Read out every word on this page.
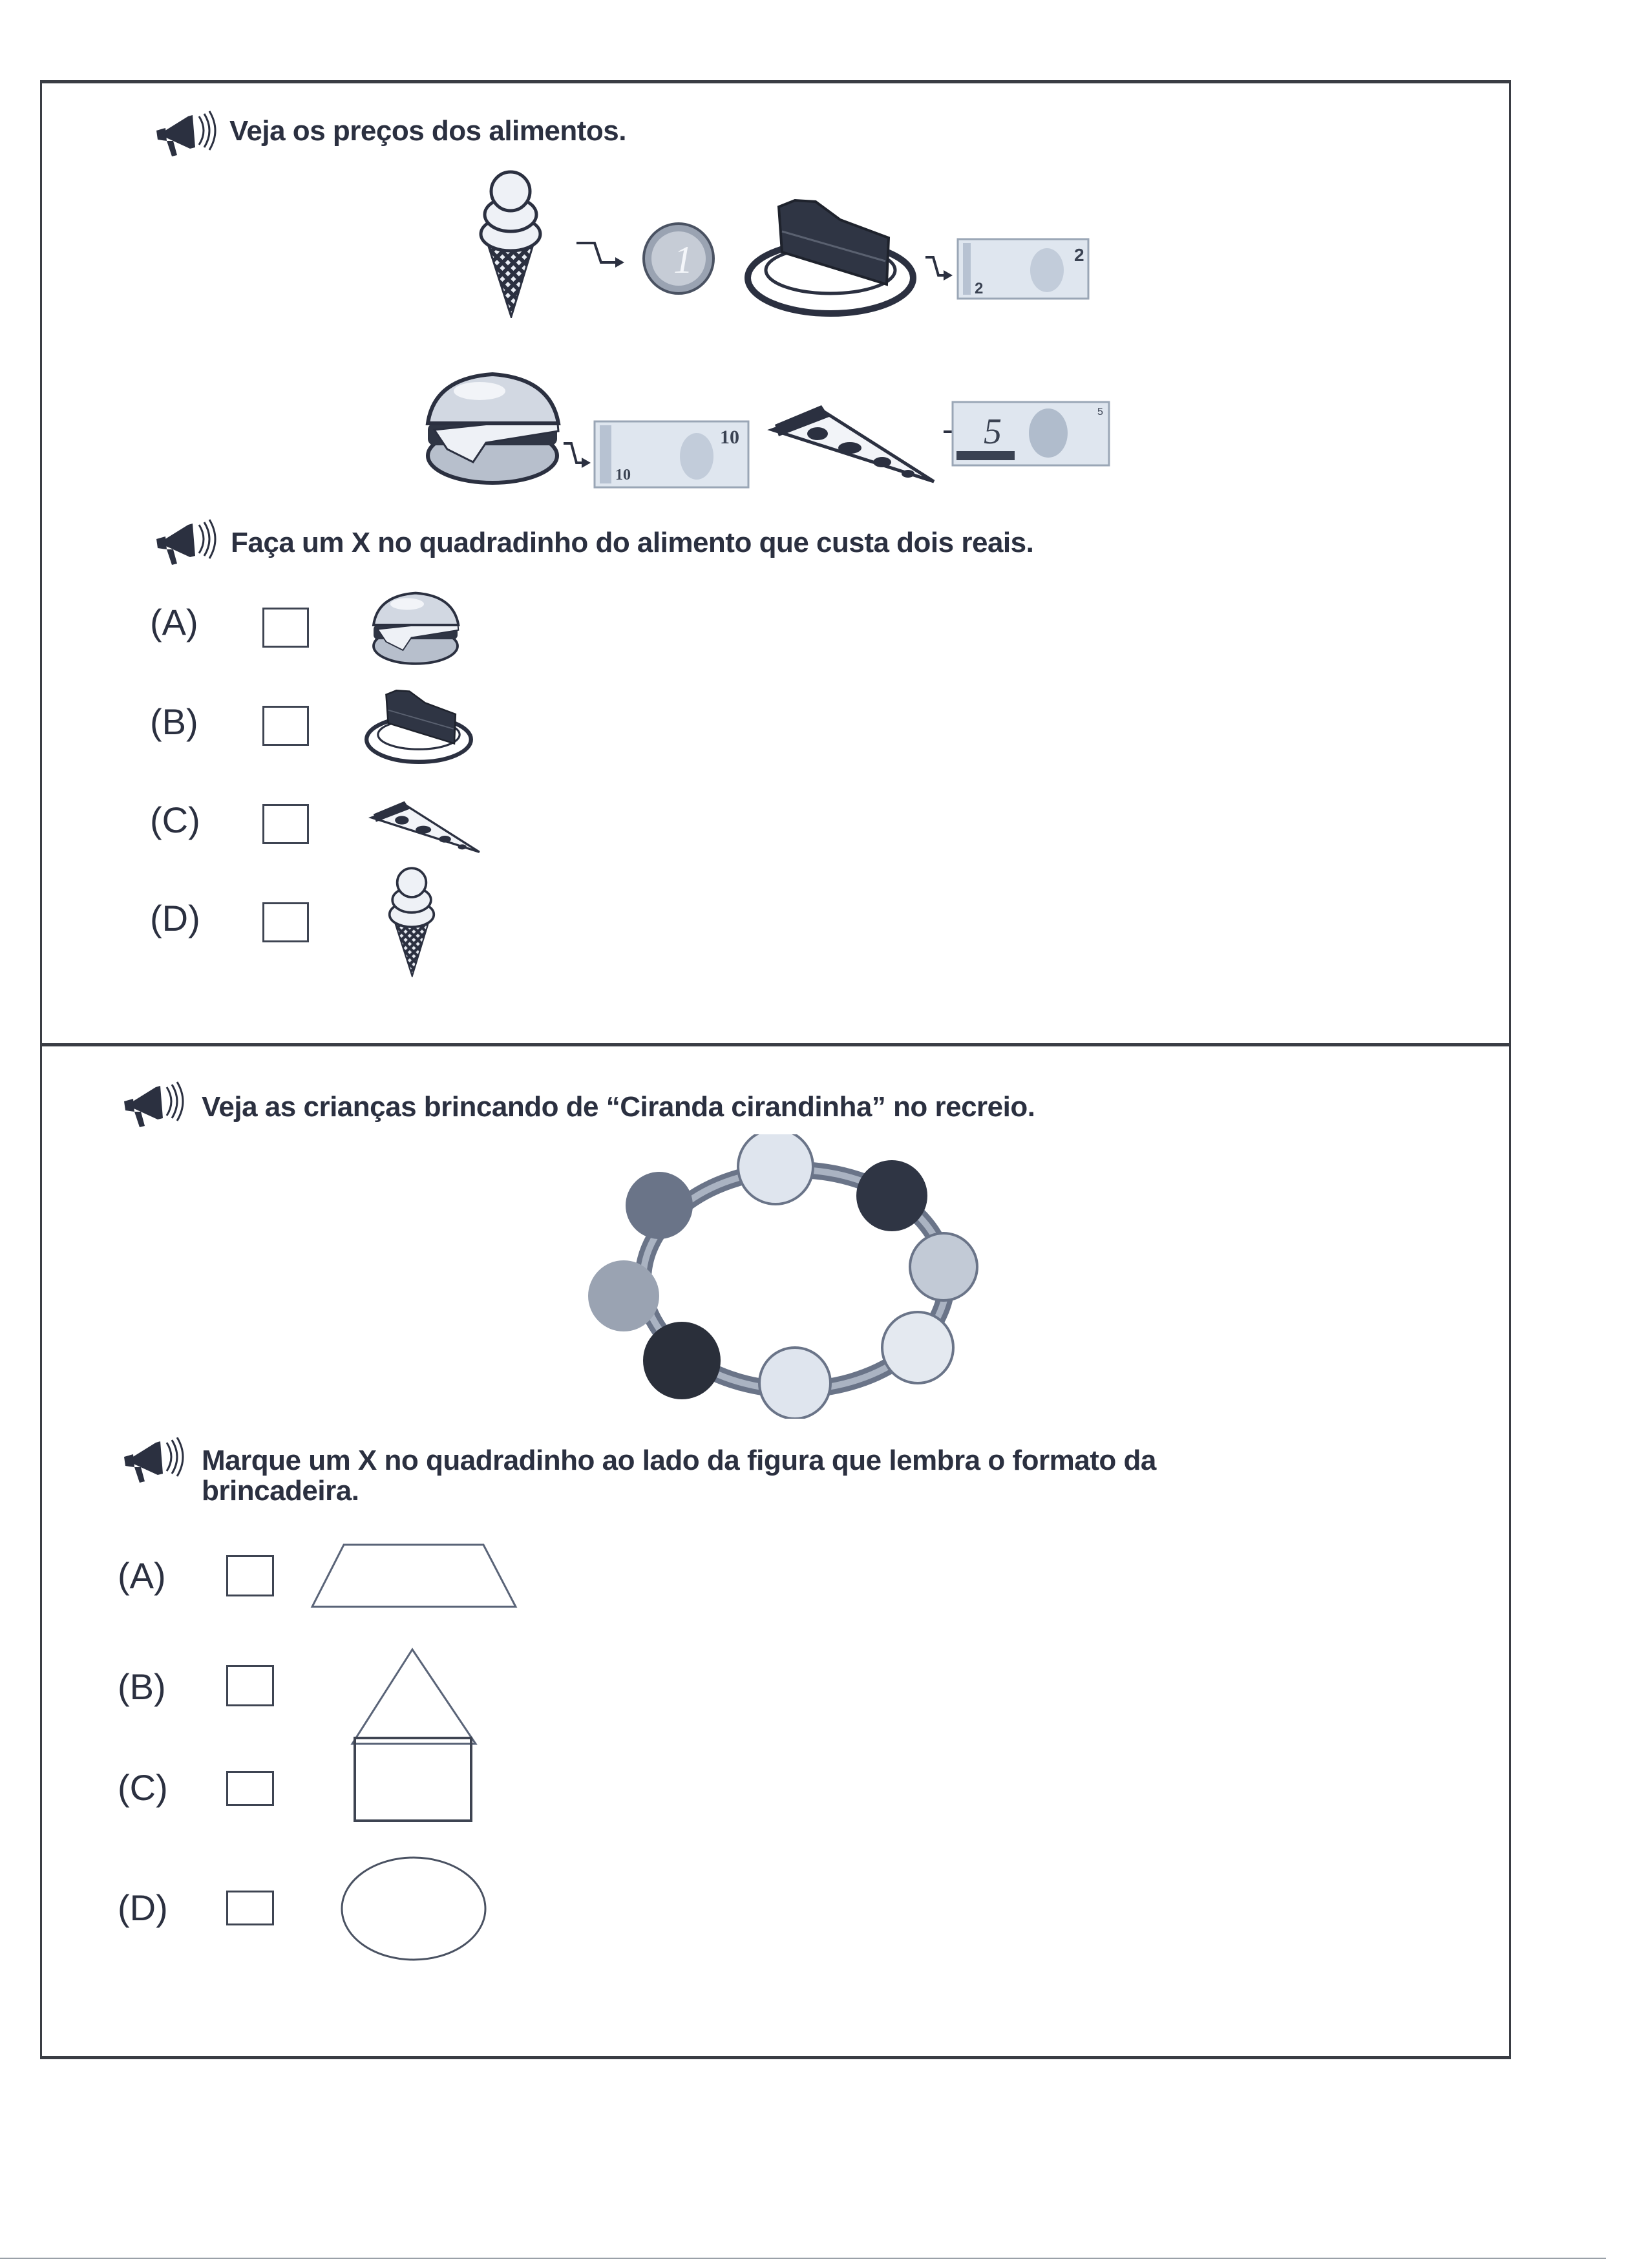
Veja os preços dos alimentos.
1	2
2
10
10
5	5
Faça um X no quadradinho do alimento que custa dois reais.
(A)
(B)
(C)
(D)
Veja as crianças brincando de “Ciranda cirandinha” no recreio.
Marque um X no quadradinho ao lado da figura que lembra o formato da
brincadeira.
(A)
(B)
(C)
(D)
